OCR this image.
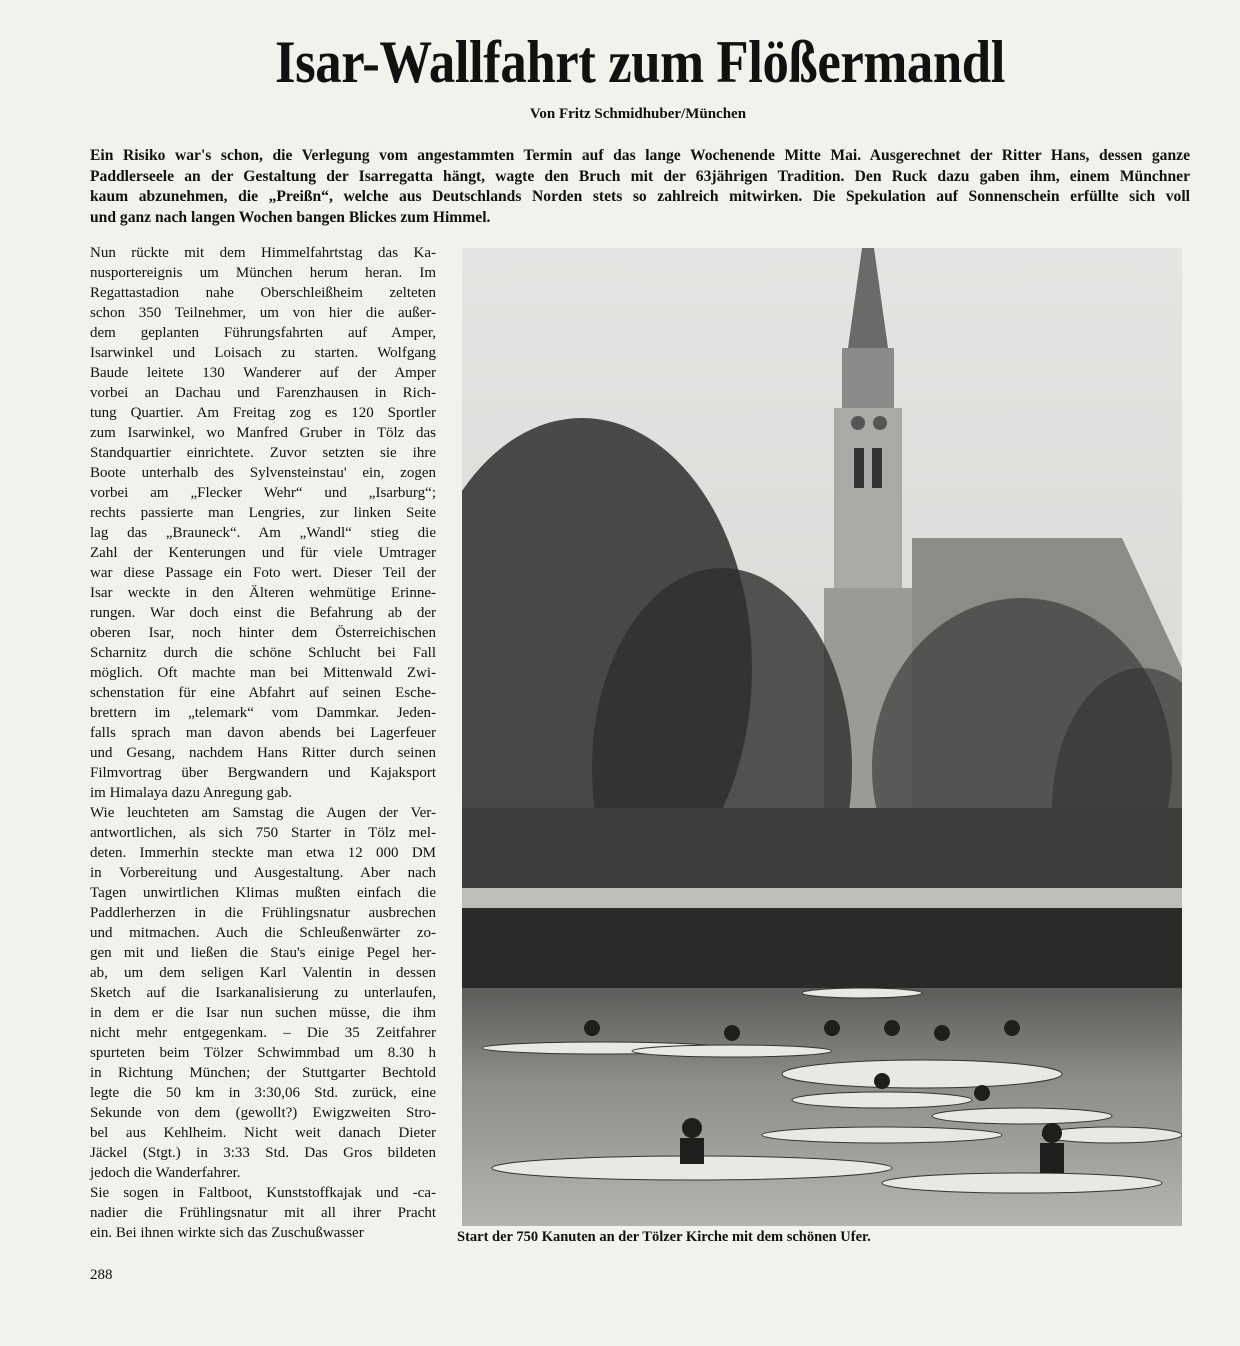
Isar-Wallfahrt zum Flößermandl
Von Fritz Schmidhuber/München
Ein Risiko war's schon, die Verlegung vom angestammten Termin auf das lange Wochenende Mitte Mai. Ausgerechnet der Ritter Hans, dessen ganze
Paddlerseele an der Gestaltung der Isarregatta hängt, wagte den Bruch mit der 63jährigen Tradition. Den Ruck dazu gaben ihm, einem Münchner
kaum abzunehmen, die „Preißn“, welche aus Deutschlands Norden stets so zahlreich mitwirken. Die Spekulation auf Sonnenschein erfüllte sich voll
und ganz nach langen Wochen bangen Blickes zum Himmel.
Nun rückte mit dem Himmelfahrtstag das Ka-
nusportereignis um München herum heran. Im
Regattastadion nahe Oberschleißheim zelteten
schon 350 Teilnehmer, um von hier die außer-
dem geplanten Führungsfahrten auf Amper,
Isarwinkel und Loisach zu starten. Wolfgang
Baude leitete 130 Wanderer auf der Amper
vorbei an Dachau und Farenzhausen in Rich-
tung Quartier. Am Freitag zog es 120 Sportler
zum Isarwinkel, wo Manfred Gruber in Tölz das
Standquartier einrichtete. Zuvor setzten sie ihre
Boote unterhalb des Sylvensteinstau' ein, zogen
vorbei am „Flecker Wehr“ und „Isarburg“;
rechts passierte man Lengries, zur linken Seite
lag das „Brauneck“. Am „Wandl“ stieg die
Zahl der Kenterungen und für viele Umtrager
war diese Passage ein Foto wert. Dieser Teil der
Isar weckte in den Älteren wehmütige Erinne-
rungen. War doch einst die Befahrung ab der
oberen Isar, noch hinter dem Österreichischen
Scharnitz durch die schöne Schlucht bei Fall
möglich. Oft machte man bei Mittenwald Zwi-
schenstation für eine Abfahrt auf seinen Esche-
brettern im „telemark“ vom Dammkar. Jeden-
falls sprach man davon abends bei Lagerfeuer
und Gesang, nachdem Hans Ritter durch seinen
Filmvortrag über Bergwandern und Kajaksport
im Himalaya dazu Anregung gab.
Wie leuchteten am Samstag die Augen der Ver-
antwortlichen, als sich 750 Starter in Tölz mel-
deten. Immerhin steckte man etwa 12 000 DM
in Vorbereitung und Ausgestaltung. Aber nach
Tagen unwirtlichen Klimas mußten einfach die
Paddlerherzen in die Frühlingsnatur ausbrechen
und mitmachen. Auch die Schleußenwärter zo-
gen mit und ließen die Stau's einige Pegel her-
ab, um dem seligen Karl Valentin in dessen
Sketch auf die Isarkanalisierung zu unterlaufen,
in dem er die Isar nun suchen müsse, die ihm
nicht mehr entgegenkam. – Die 35 Zeitfahrer
spurteten beim Tölzer Schwimmbad um 8.30 h
in Richtung München; der Stuttgarter Bechtold
legte die 50 km in 3:30,06 Std. zurück, eine
Sekunde von dem (gewollt?) Ewigzweiten Stro-
bel aus Kehlheim. Nicht weit danach Dieter
Jäckel (Stgt.) in 3:33 Std. Das Gros bildeten
jedoch die Wanderfahrer.
Sie sogen in Faltboot, Kunststoffkajak und -ca-
nadier die Frühlingsnatur mit all ihrer Pracht
ein. Bei ihnen wirkte sich das Zuschußwasser	Start der 750 Kanuten an der Tölzer Kirche mit dem schönen Ufer.
288
